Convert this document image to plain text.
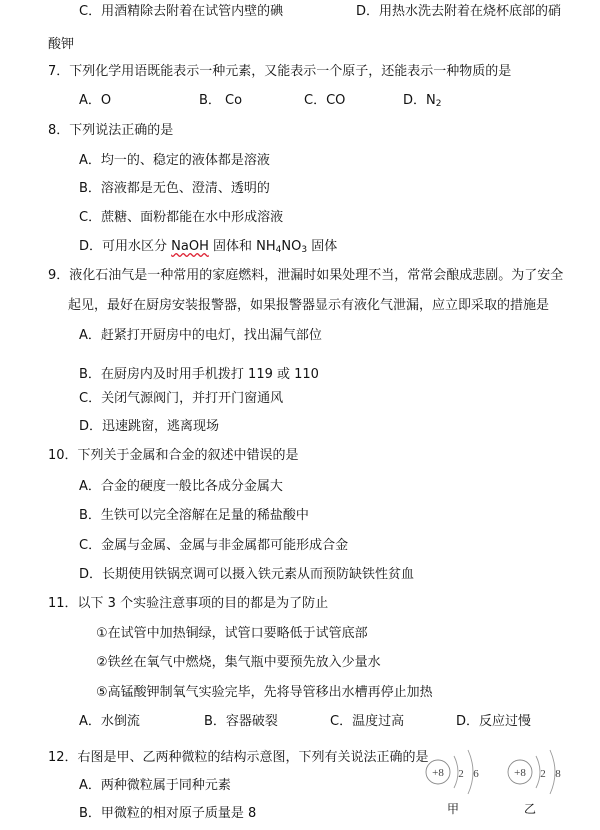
C．用酒精除去附着在试管内壁的碘	D．用热水洗去附着在烧杯底部的硝
酸钾
7．下列化学用语既能表示一种元素，又能表示一个原子，还能表示一种物质的是
A．O	B． Co	C．CO	D．$N_2$
8．下列说法正确的是
A．均一的、稳定的液体都是溶液
B．溶液都是无色、澄清、透明的
C．蔗糖、面粉都能在水中形成溶液
D．可用水区分 NaOH 固体和 $NH_4NO_3$ 固体
9．液化石油气是一种常用的家庭燃料，泄漏时如果处理不当，常常会酿成悲剧。为了安全
起见，最好在厨房安装报警器，如果报警器显示有液化气泄漏，应立即采取的措施是
A．赶紧打开厨房中的电灯，找出漏气部位
B．在厨房内及时用手机拨打 119 或 110
C．关闭气源阀门，并打开门窗通风
D．迅速跳窗，逃离现场
10．下列关于金属和合金的叙述中错误的是
A．合金的硬度一般比各成分金属大
B．生铁可以完全溶解在足量的稀盐酸中
C．金属与金属、金属与非金属都可能形成合金
D．长期使用铁锅烹调可以摄入铁元素从而预防缺铁性贫血
11．以下 3 个实验注意事项的目的都是为了防止
①在试管中加热铜绿，试管口要略低于试管底部
②铁丝在氧气中燃烧，集气瓶中要预先放入少量水
⑤高锰酸钾制氧气实验完毕，先将导管移出水槽再停止加热
A．水倒流	B．容器破裂	C．温度过高	D．反应过慢
12．右图是甲、乙两种微粒的结构示意图，下列有关说法正确的是
A．两种微粒属于同种元素
B．甲微粒的相对原子质量是 8
+8 2 6
甲
+8 2 8
乙
